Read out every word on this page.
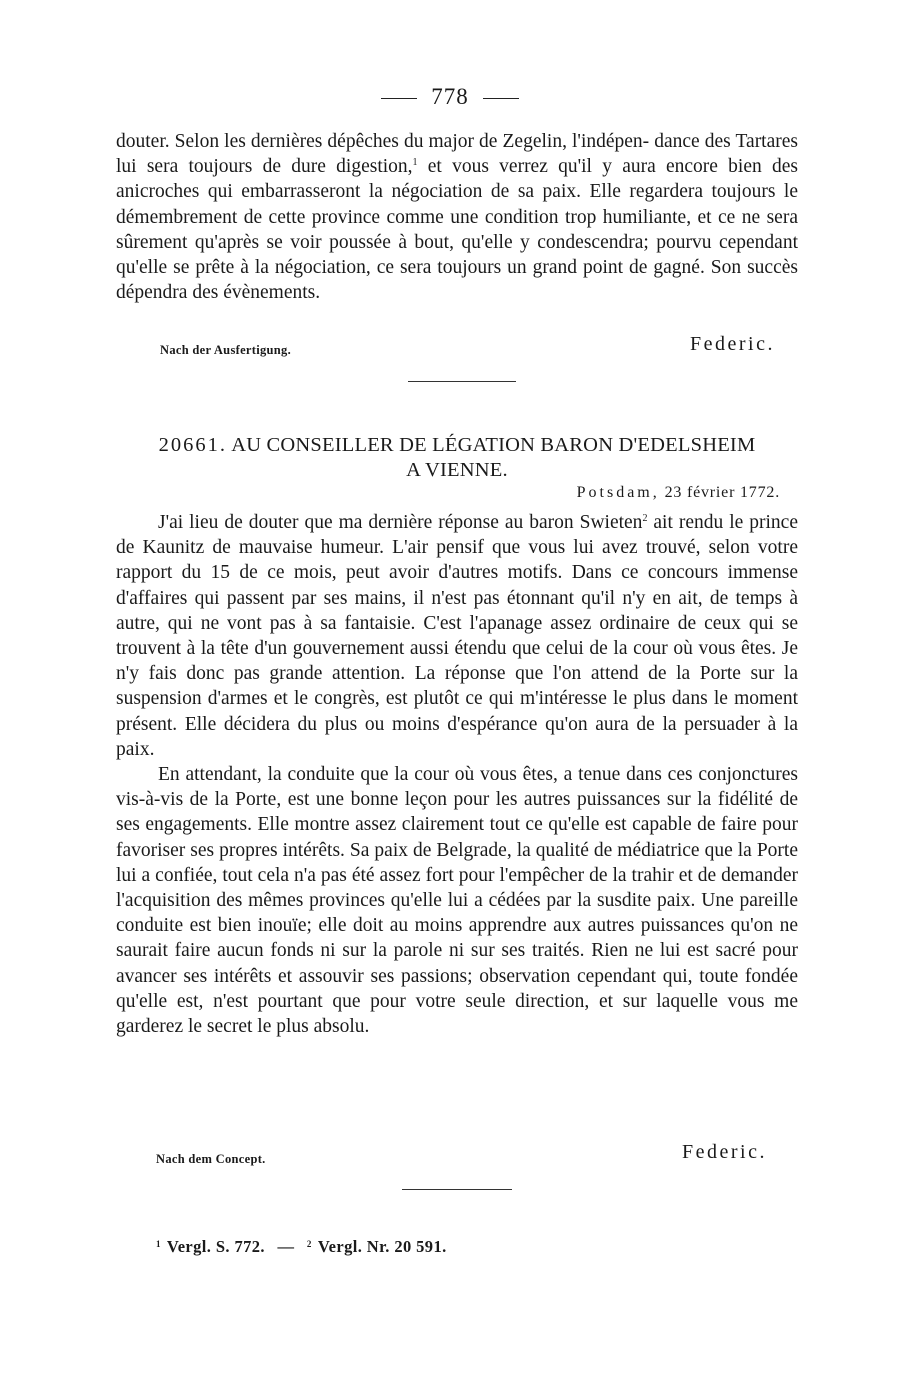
778

douter. Selon les dernières dépêches du major de Zegelin, l'indépen- dance des Tartares lui sera toujours de dure digestion,$^1$ et vous verrez qu'il y aura encore bien des anicroches qui embarrasseront la négociation de sa paix. Elle regardera toujours le démembrement de cette province comme une condition trop humiliante, et ce ne sera sûrement qu'après se voir poussée à bout, qu'elle y condescendra; pourvu cependant qu'elle se prête à la négociation, ce sera toujours un grand point de gagné. Son succès dépendra des évènements.

Nach der Ausfertigung.	Federic.
20661. AU CONSEILLER DE LÉGATION BARON D'EDELSHEIM
A VIENNE.
Potsdam, 23 février 1772.

J'ai lieu de douter que ma dernière réponse au baron Swieten$^2$ ait rendu le prince de Kaunitz de mauvaise humeur. L'air pensif que vous lui avez trouvé, selon votre rapport du 15 de ce mois, peut avoir d'autres motifs. Dans ce concours immense d'affaires qui passent par ses mains, il n'est pas étonnant qu'il n'y en ait, de temps à autre, qui ne vont pas à sa fantaisie. C'est l'apanage assez ordinaire de ceux qui se trouvent à la tête d'un gouvernement aussi étendu que celui de la cour où vous êtes. Je n'y fais donc pas grande attention. La réponse que l'on attend de la Porte sur la suspension d'armes et le congrès, est plutôt ce qui m'intéresse le plus dans le moment présent. Elle décidera du plus ou moins d'espérance qu'on aura de la persuader à la paix.

En attendant, la conduite que la cour où vous êtes, a tenue dans ces conjonctures vis-à-vis de la Porte, est une bonne leçon pour les autres puissances sur la fidélité de ses engagements. Elle montre assez clairement tout ce qu'elle est capable de faire pour favoriser ses propres intérêts. Sa paix de Belgrade, la qualité de médiatrice que la Porte lui a confiée, tout cela n'a pas été assez fort pour l'empêcher de la trahir et de demander l'acquisition des mêmes provinces qu'elle lui a cédées par la susdite paix. Une pareille conduite est bien inouïe; elle doit au moins apprendre aux autres puissances qu'on ne saurait faire aucun fonds ni sur la parole ni sur ses traités. Rien ne lui est sacré pour avancer ses intérêts et assouvir ses passions; observation cependant qui, toute fondée qu'elle est, n'est pourtant que pour votre seule direction, et sur laquelle vous me garderez le secret le plus absolu.

Nach dem Concept.	Federic.
$^1$ Vergl. S. 772. — $^2$ Vergl. Nr. 20 591.
